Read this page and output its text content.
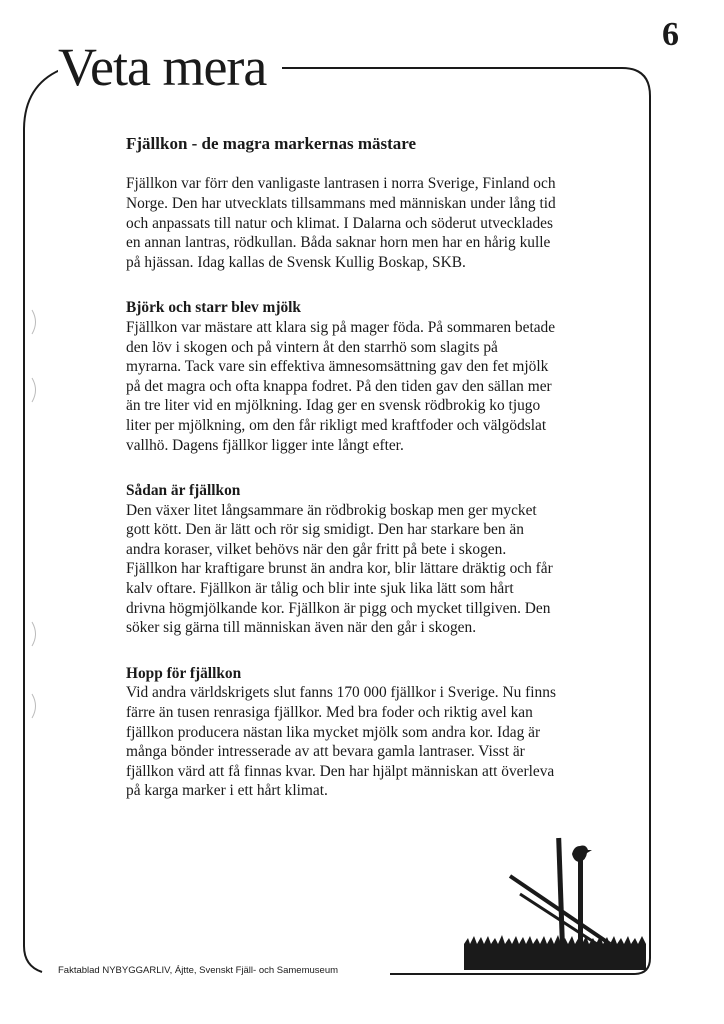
6
Veta mera
Fjällkon - de magra markernas mästare

Fjällkon var förr den vanligaste lantrasen i norra Sverige, Finland och Norge. Den har utvecklats tillsammans med människan under lång tid och anpassats till natur och klimat. I Dalarna och söderut utvecklades en annan lantras, rödkullan. Båda saknar horn men har en hårig kulle på hjässan. Idag kallas de Svensk Kullig Boskap, SKB.

Björk och starr blev mjölk

Fjällkon var mästare att klara sig på mager föda. På sommaren betade den löv i skogen och på vintern åt den starrhö som slagits på myrarna. Tack vare sin effektiva ämnesomsättning gav den fet mjölk på det magra och ofta knappa fodret. På den tiden gav den sällan mer än tre liter vid en mjölkning. Idag ger en svensk rödbrokig ko tjugo liter per mjölkning, om den får rikligt med kraftfoder och välgödslat vallhö. Dagens fjällkor ligger inte långt efter.

Sådan är fjällkon

Den växer litet långsammare än rödbrokig boskap men ger mycket gott kött. Den är lätt och rör sig smidigt. Den har starkare ben än andra koraser, vilket behövs när den går fritt på bete i skogen. Fjällkon har kraftigare brunst än andra kor, blir lättare dräktig och får kalv oftare. Fjällkon är tålig och blir inte sjuk lika lätt som hårt drivna högmjölkande kor. Fjällkon är pigg och mycket tillgiven. Den söker sig gärna till människan även när den går i skogen.

Hopp för fjällkon

Vid andra världskrigets slut fanns 170 000 fjällkor i Sverige. Nu finns färre än tusen renrasiga fjällkor. Med bra foder och riktig avel kan fjällkon producera nästan lika mycket mjölk som andra kor. Idag är många bönder intresserade av att bevara gamla lantraser. Visst är fjällkon värd att få finnas kvar. Den har hjälpt människan att överleva på karga marker i ett hårt klimat.

Faktablad NYBYGGARLIV, Ájtte, Svenskt Fjäll- och Samemuseum
